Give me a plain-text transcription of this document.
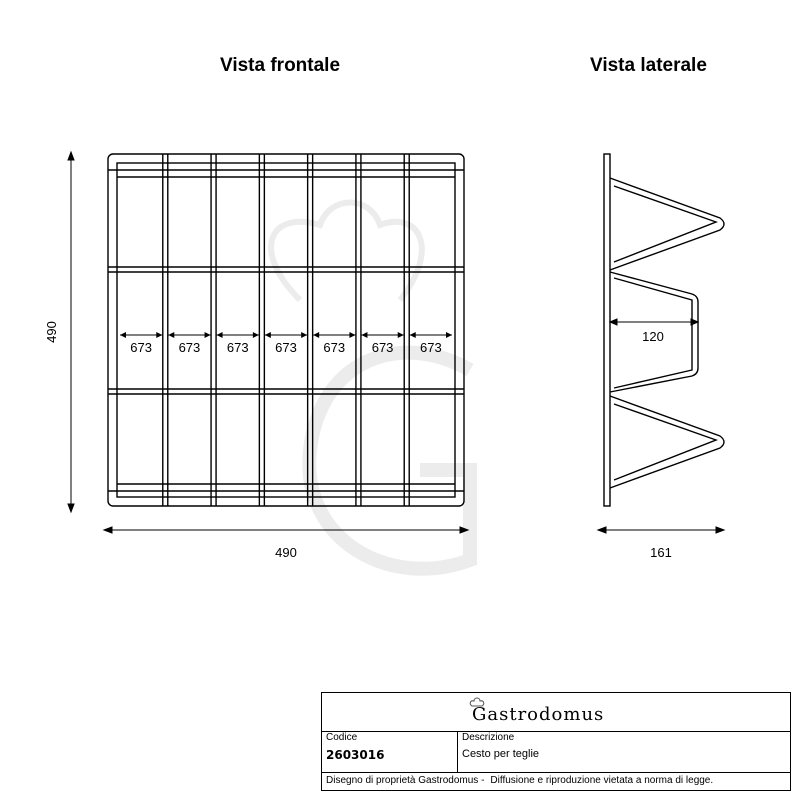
Vista frontale	Vista laterale
673 673 673 673 673 673 673
490
490
120
161
Gastrodomus
Codice
2603016
Descrizione
Cesto per teglie
Disegno di proprietà Gastrodomus - Diffusione e riproduzione vietata a norma di legge.
